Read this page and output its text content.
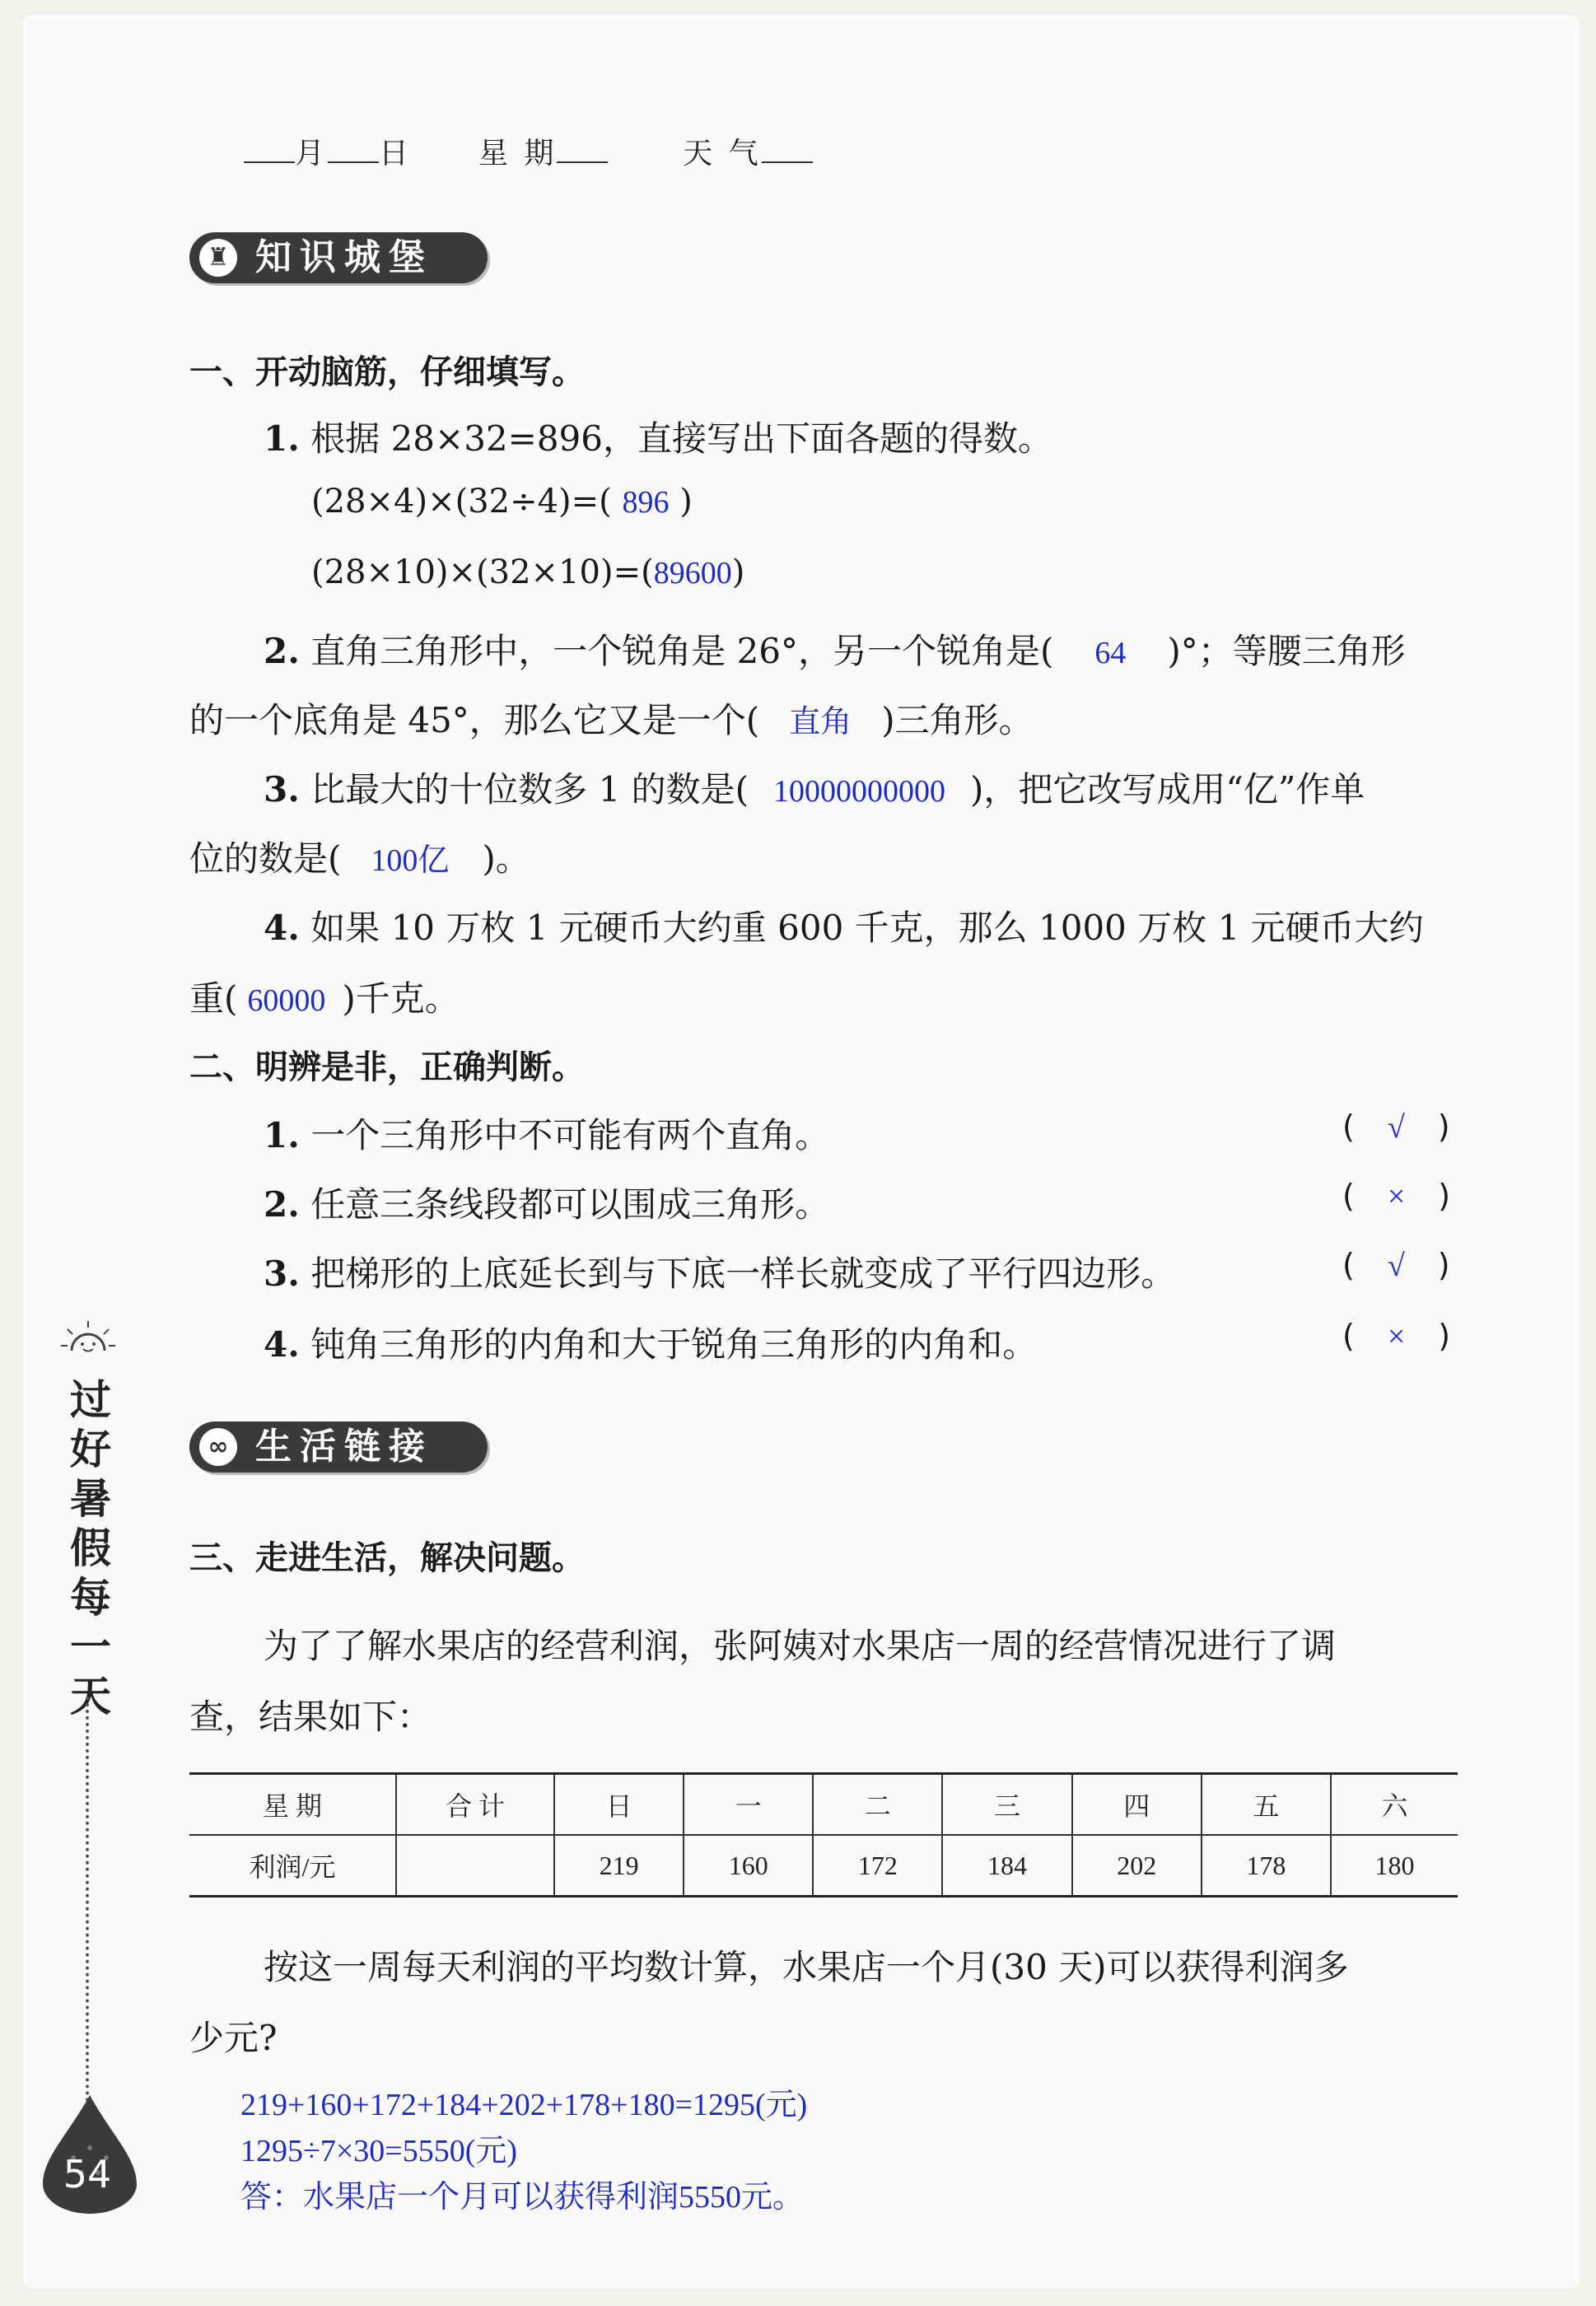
月 日 星 期	天 气
♜ 知识城堡
一、开动脑筋，仔细填写。
1. 根据 28×32=896，直接写出下面各题的得数。
(28×4)×(32÷4)=( 896 )
(28×10)×(32×10)=(89600)
2. 直角三角形中，一个锐角是 26°，另一个锐角是( 64 )°；等腰三角形
的一个底角是 45°，那么它又是一个( 直角 )三角形。
3. 比最大的十位数多 1 的数是( 10000000000 )，把它改写成用“亿”作单
位的数是( 100亿 )。
4. 如果 10 万枚 1 元硬币大约重 600 千克，那么 1000 万枚 1 元硬币大约
重( 60000 )千克。
二、明辨是非，正确判断。
1. 一个三角形中不可能有两个直角。	( √ )
2. 任意三条线段都可以围成三角形。	( × )
3. 把梯形的上底延长到与下底一样长就变成了平行四边形。	( √ )
4. 钝角三角形的内角和大于锐角三角形的内角和。	( × )
∞ 生活链接
三、走进生活，解决问题。
为了了解水果店的经营利润，张阿姨对水果店一周的经营情况进行了调
查，结果如下：
星 期	合 计	日	一	二	三	四	五	六
利润/元		219	160	172	184	202	178	180
按这一周每天利润的平均数计算，水果店一个月(30 天)可以获得利润多
少元?
219+160+172+184+202+178+180=1295(元)
1295÷7×30=5550(元)
答：水果店一个月可以获得利润5550元。
过
好
暑
假
每
一
天
54
